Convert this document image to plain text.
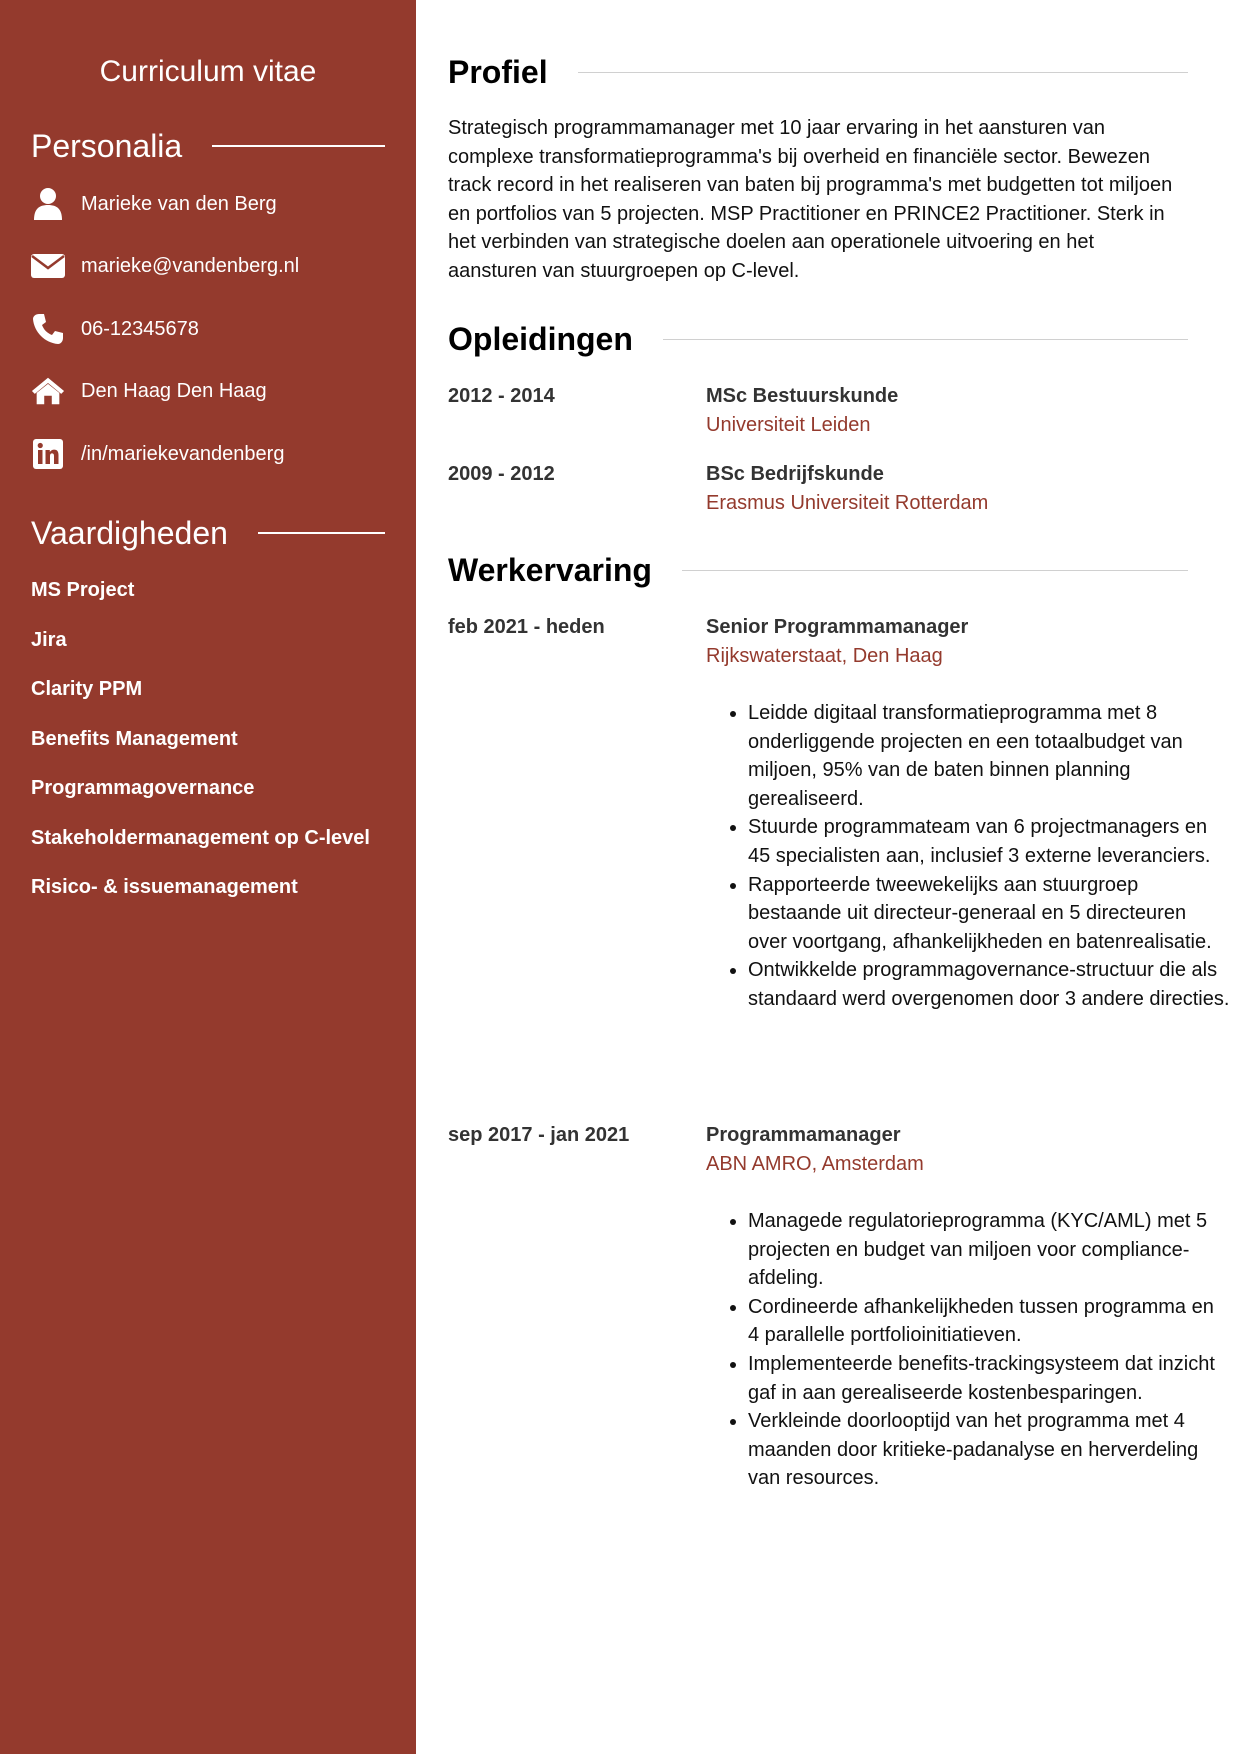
Curriculum vitae
Personalia
Marieke van den Berg
marieke@vandenberg.nl
06-12345678
Den Haag Den Haag
/in/mariekevandenberg
Vaardigheden
MS Project
Jira
Clarity PPM
Benefits Management
Programmagovernance
Stakeholdermanagement op C-level
Risico- & issuemanagement
Profiel

Strategisch programmamanager met 10 jaar ervaring in het aansturen van complexe transformatieprogramma's bij overheid en financiële sector. Bewezen track record in het realiseren van baten bij programma's met budgetten tot miljoen en portfolios van 5 projecten. MSP Practitioner en PRINCE2 Practitioner. Sterk in het verbinden van strategische doelen aan operationele uitvoering en het aansturen van stuurgroepen op C-level.

Opleidingen
2012 - 2014	MSc Bestuurskunde
Universiteit Leiden
2009 - 2012	BSc Bedrijfskunde
Erasmus Universiteit Rotterdam
Werkervaring
feb 2021 - heden	Senior Programmamanager
Rijkswaterstaat, Den Haag
• Leidde digitaal transformatieprogramma met 8 onderliggende projecten en een totaalbudget van miljoen, 95% van de baten binnen planning gerealiseerd.
• Stuurde programmateam van 6 projectmanagers en 45 specialisten aan, inclusief 3 externe leveranciers.
• Rapporteerde tweewekelijks aan stuurgroep bestaande uit directeur-generaal en 5 directeuren over voortgang, afhankelijkheden en batenrealisatie.
• Ontwikkelde programmagovernance-structuur die als standaard werd overgenomen door 3 andere directies.
sep 2017 - jan 2021	Programmamanager
ABN AMRO, Amsterdam
• Managede regulatorieprogramma (KYC/AML) met 5 projecten en budget van miljoen voor compliance-afdeling.
• Cordineerde afhankelijkheden tussen programma en 4 parallelle portfolioinitiatieven.
• Implementeerde benefits-trackingsysteem dat inzicht gaf in aan gerealiseerde kostenbesparingen.
• Verkleinde doorlooptijd van het programma met 4 maanden door kritieke-padanalyse en herverdeling van resources.
